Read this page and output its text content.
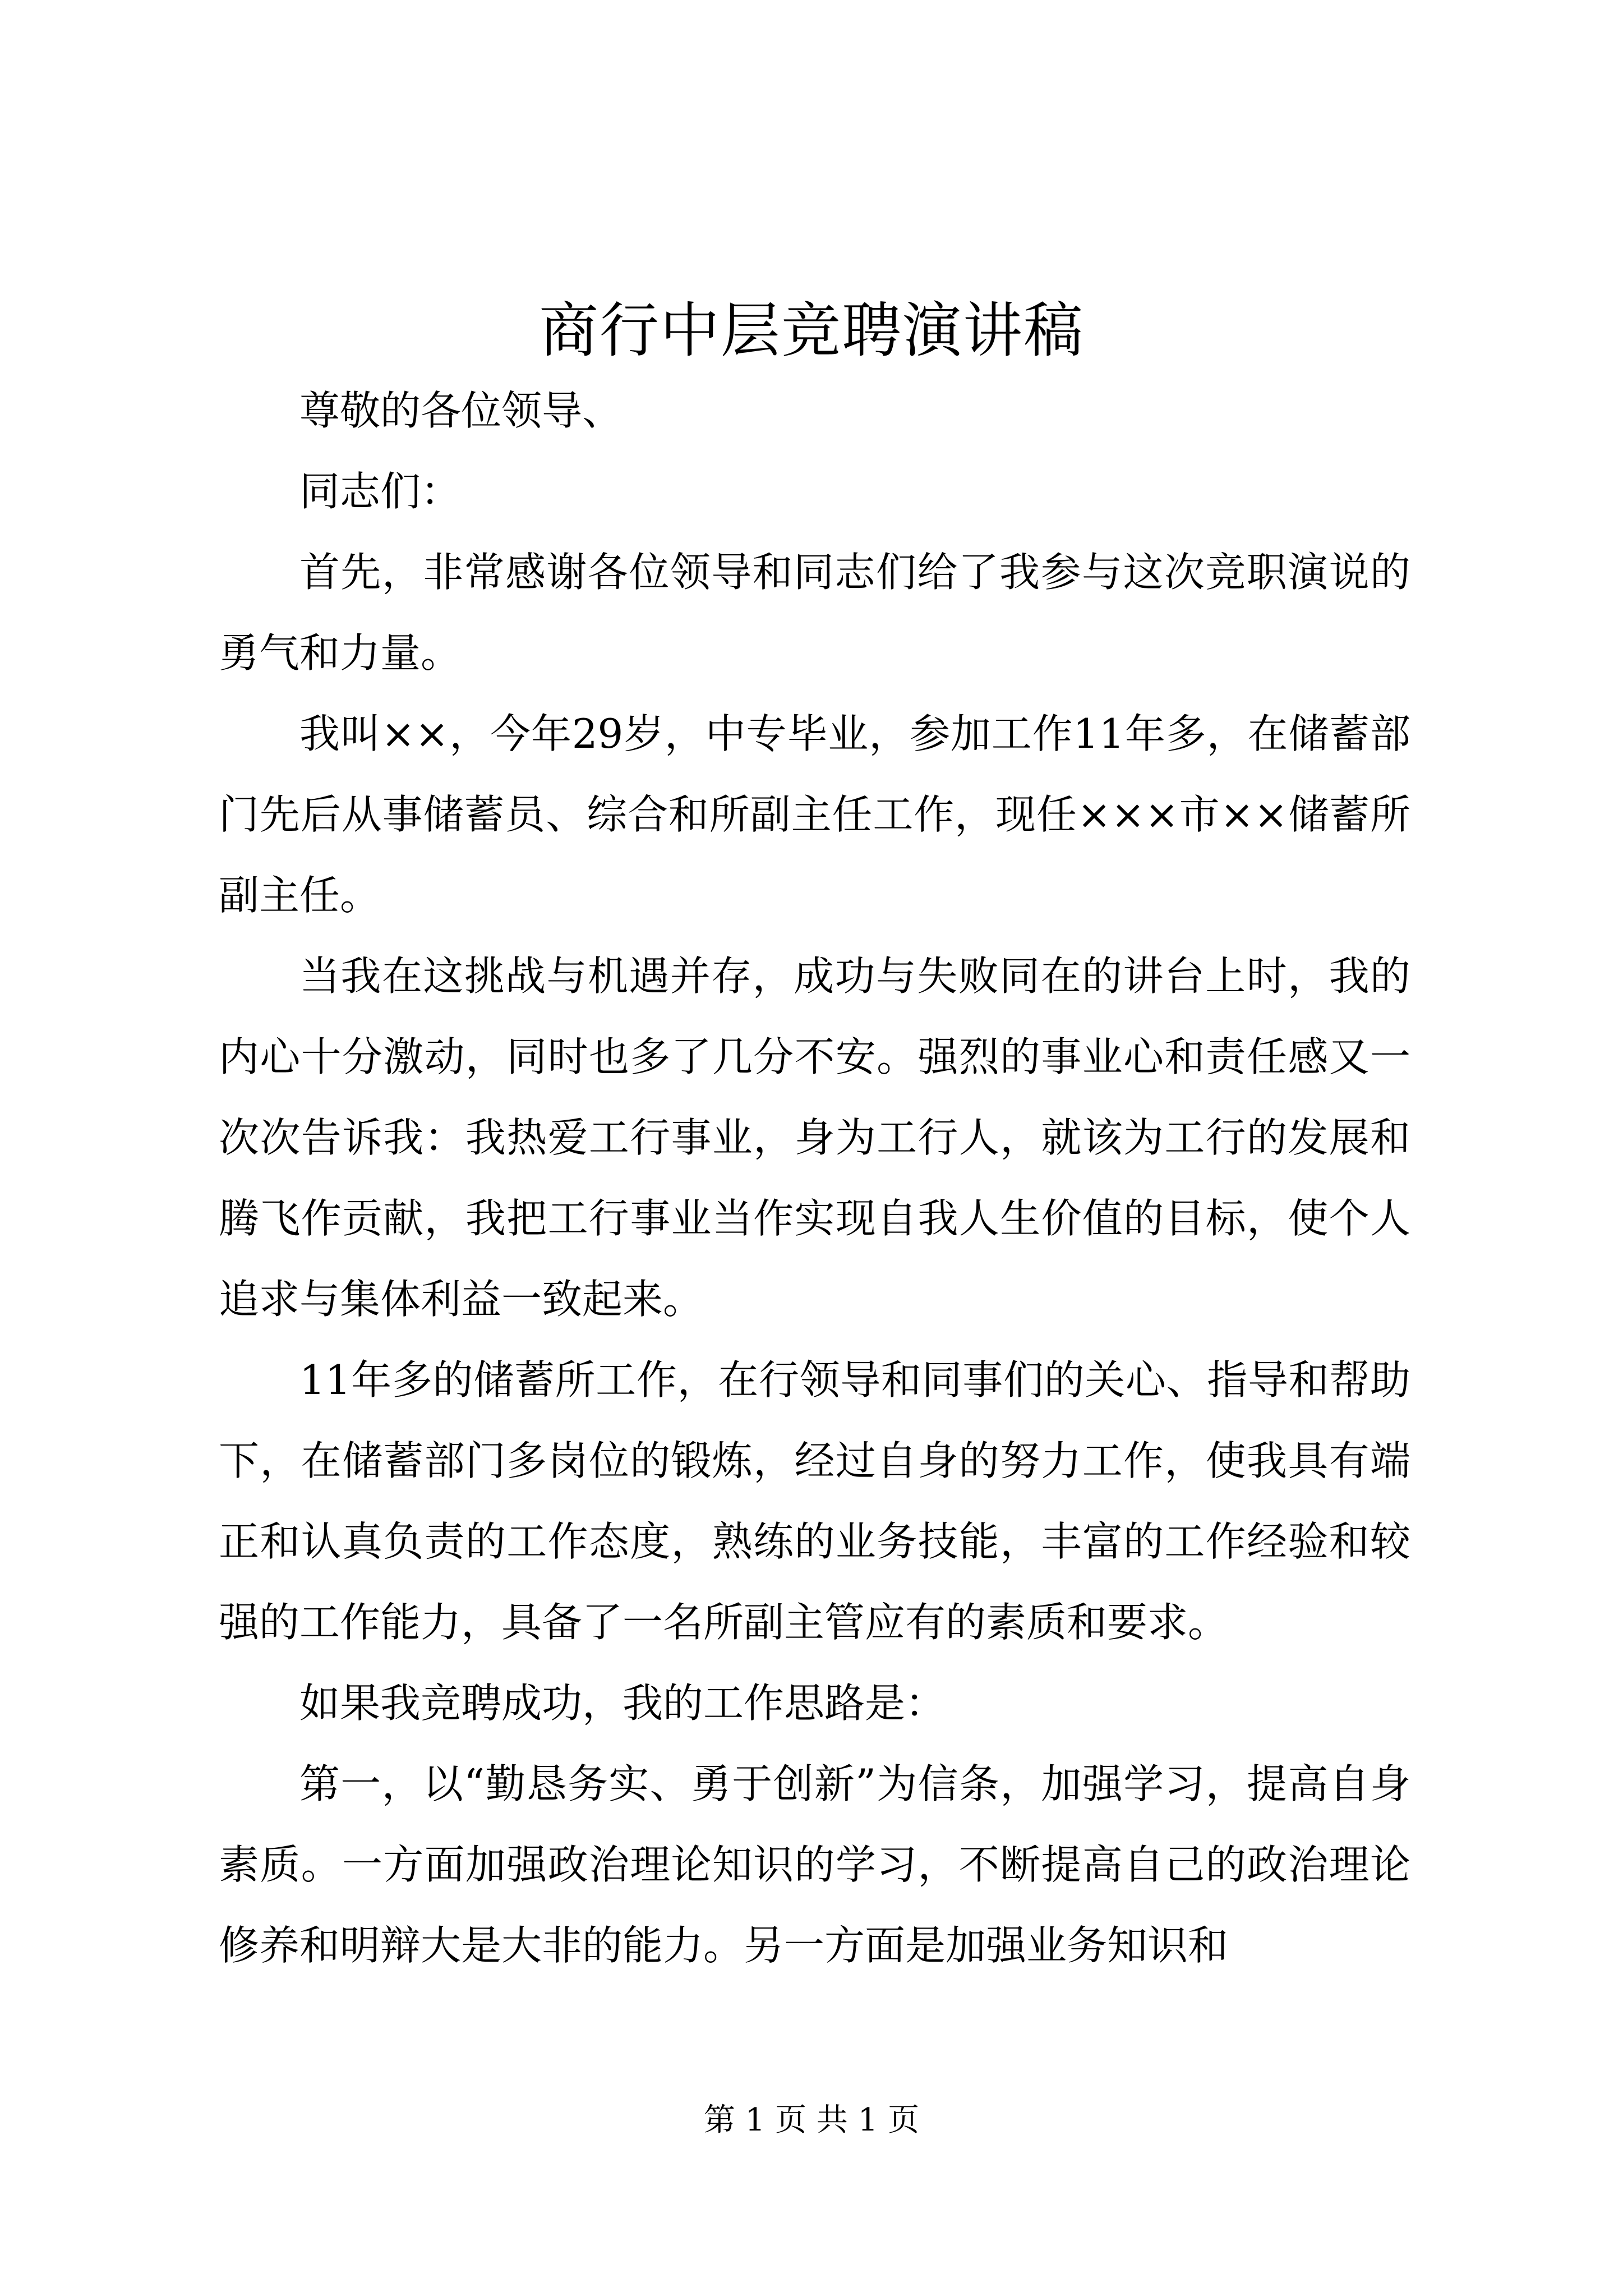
商行中层竞聘演讲稿

尊敬的各位领导、

同志们：

首先，非常感谢各位领导和同志们给了我参与这次竞职演说的勇气和力量。

我叫××，今年29岁，中专毕业，参加工作11年多，在储蓄部门先后从事储蓄员、综合和所副主任工作，现任×××市××储蓄所副主任。

当我在这挑战与机遇并存，成功与失败同在的讲台上时，我的内心十分激动，同时也多了几分不安。强烈的事业心和责任感又一次次告诉我：我热爱工行事业，身为工行人，就该为工行的发展和腾飞作贡献，我把工行事业当作实现自我人生价值的目标，使个人追求与集体利益一致起来。

11年多的储蓄所工作，在行领导和同事们的关心、指导和帮助下，在储蓄部门多岗位的锻炼，经过自身的努力工作，使我具有端正和认真负责的工作态度，熟练的业务技能，丰富的工作经验和较强的工作能力，具备了一名所副主管应有的素质和要求。

如果我竞聘成功，我的工作思路是：

第一，以“勤恳务实、勇于创新”为信条，加强学习，提高自身素质。一方面加强政治理论知识的学习，不断提高自己的政治理论修养和明辩大是大非的能力。另一方面是加强业务知识和

第 1 页 共 1 页
